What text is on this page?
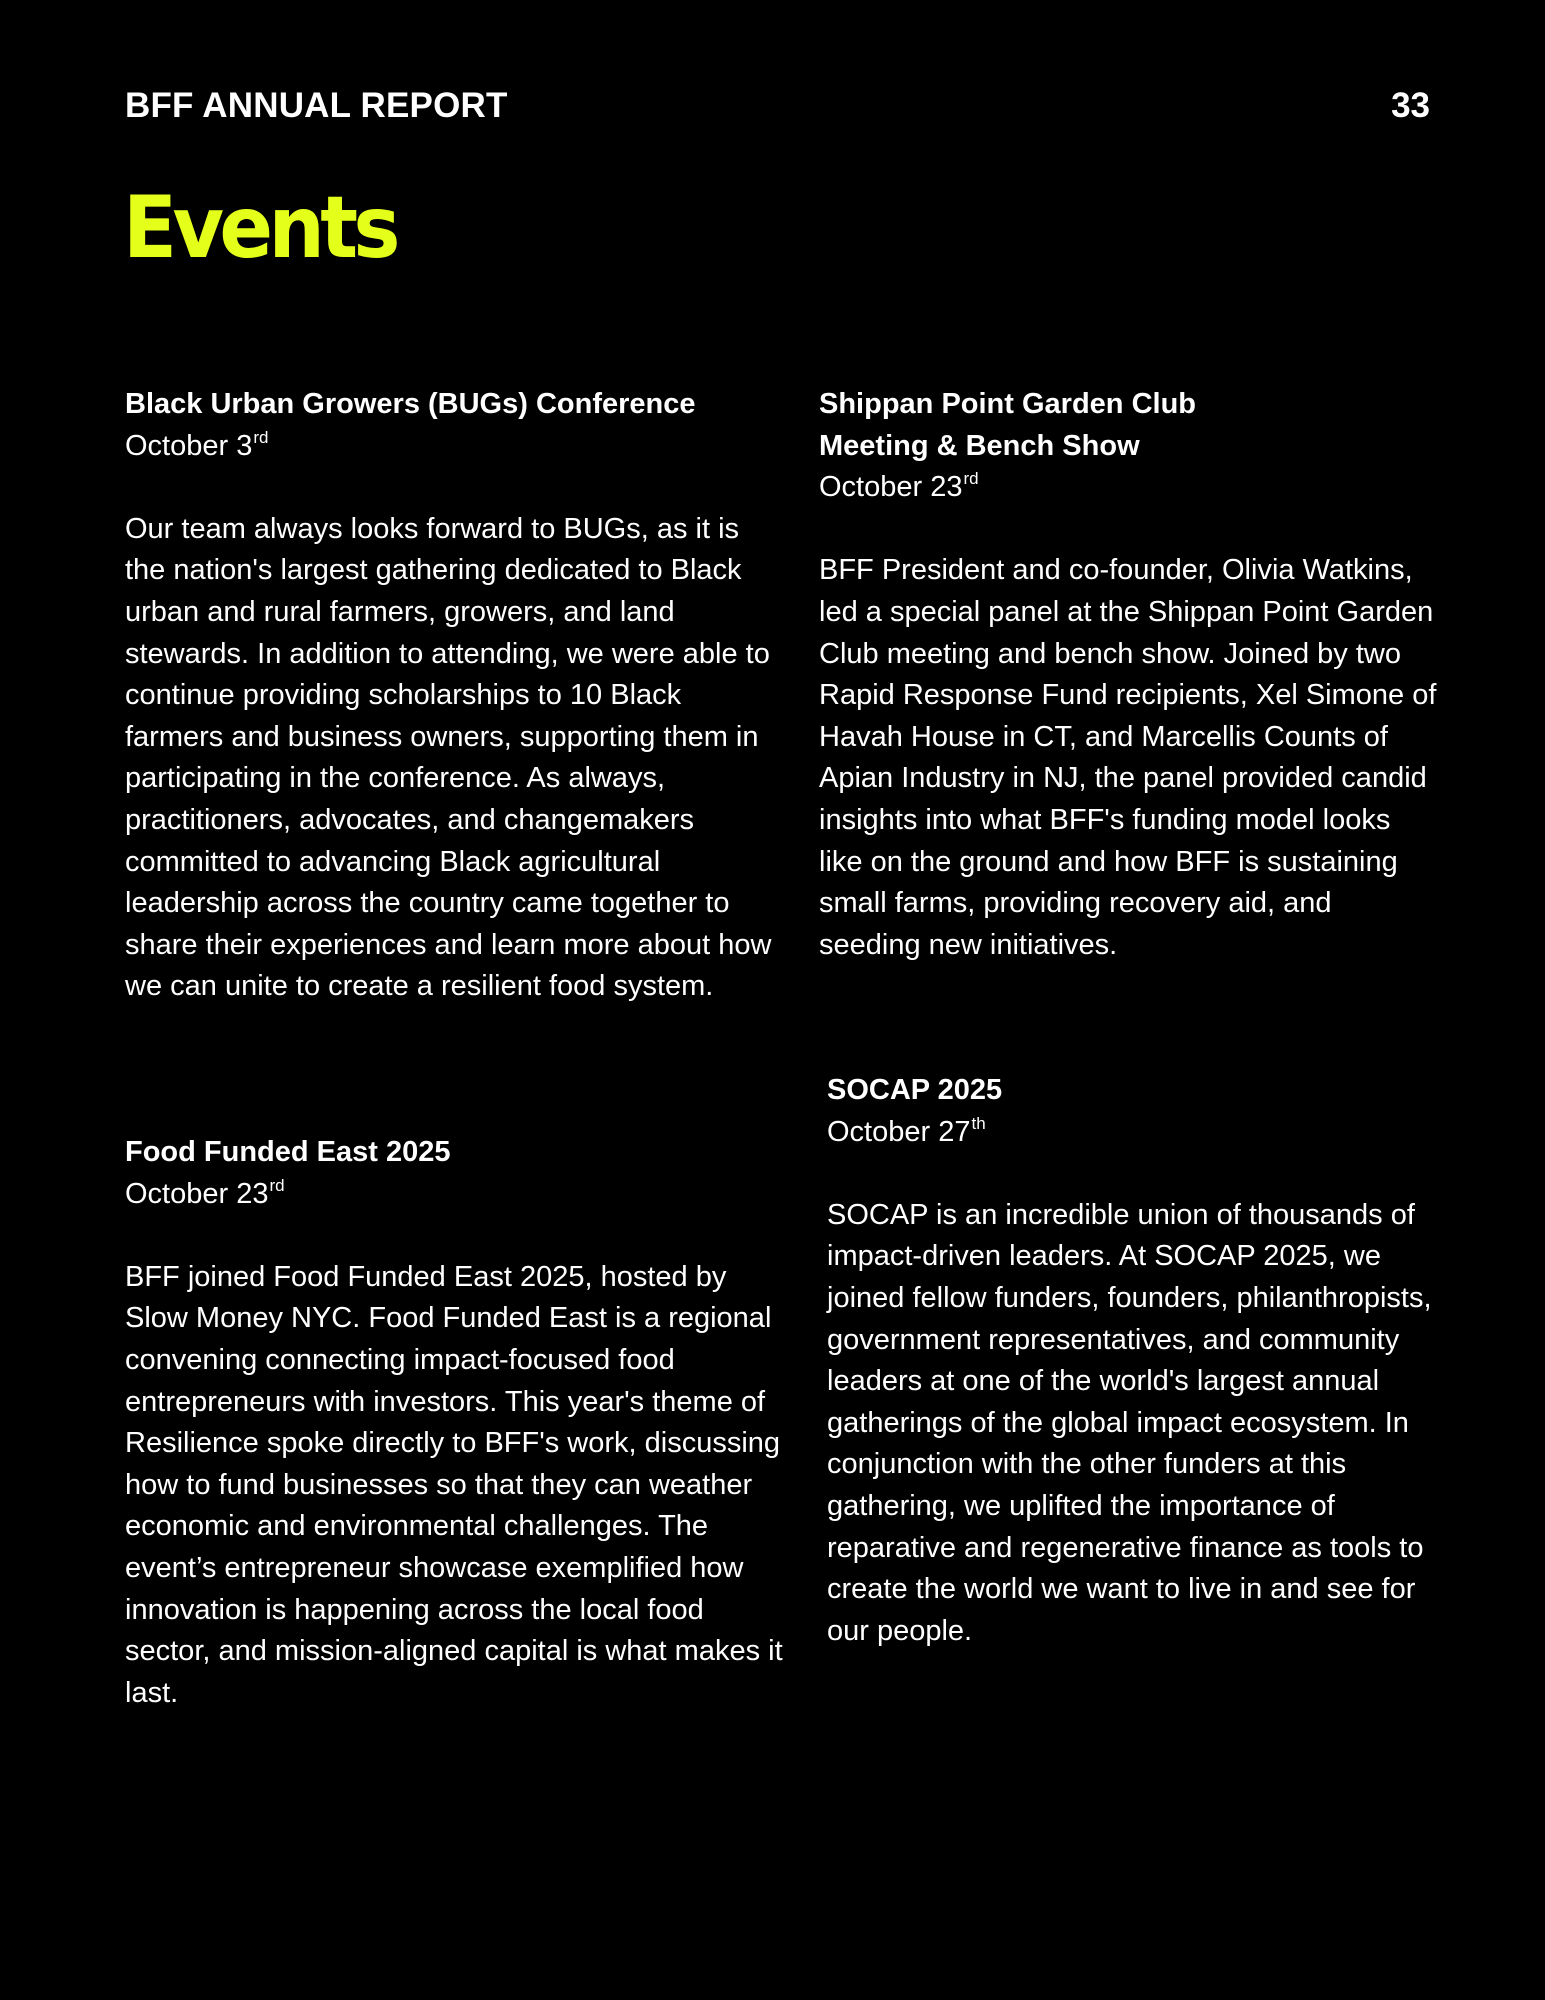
BFF ANNUAL REPORT	33
Events

Black Urban Growers (BUGs) Conference

October 3rd

Our team always looks forward to BUGs, as it is the nation's largest gathering dedicated to Black urban and rural farmers, growers, and land stewards. In addition to attending, we were able to continue providing scholarships to 10 Black farmers and business owners, supporting them in participating in the conference. As always, practitioners, advocates, and changemakers committed to advancing Black agricultural leadership across the country came together to share their experiences and learn more about how we can unite to create a resilient food system.

Food Funded East 2025

October 23rd

BFF joined Food Funded East 2025, hosted by Slow Money NYC. Food Funded East is a regional convening connecting impact-focused food entrepreneurs with investors. This year's theme of Resilience spoke directly to BFF's work, discussing how to fund businesses so that they can weather economic and environmental challenges. The event’s entrepreneur showcase exemplified how innovation is happening across the local food sector, and mission-aligned capital is what makes it last.

Shippan Point Garden Club

Meeting & Bench Show

October 23rd

BFF President and co-founder, Olivia Watkins, led a special panel at the Shippan Point Garden Club meeting and bench show. Joined by two Rapid Response Fund recipients, Xel Simone of Havah House in CT, and Marcellis Counts of Apian Industry in NJ, the panel provided candid insights into what BFF's funding model looks like on the ground and how BFF is sustaining small farms, providing recovery aid, and seeding new initiatives.

SOCAP 2025

October 27th

SOCAP is an incredible union of thousands of impact-driven leaders. At SOCAP 2025, we joined fellow funders, founders, philanthropists, government representatives, and community leaders at one of the world's largest annual gatherings of the global impact ecosystem. In conjunction with the other funders at this gathering, we uplifted the importance of reparative and regenerative finance as tools to create the world we want to live in and see for our people.
